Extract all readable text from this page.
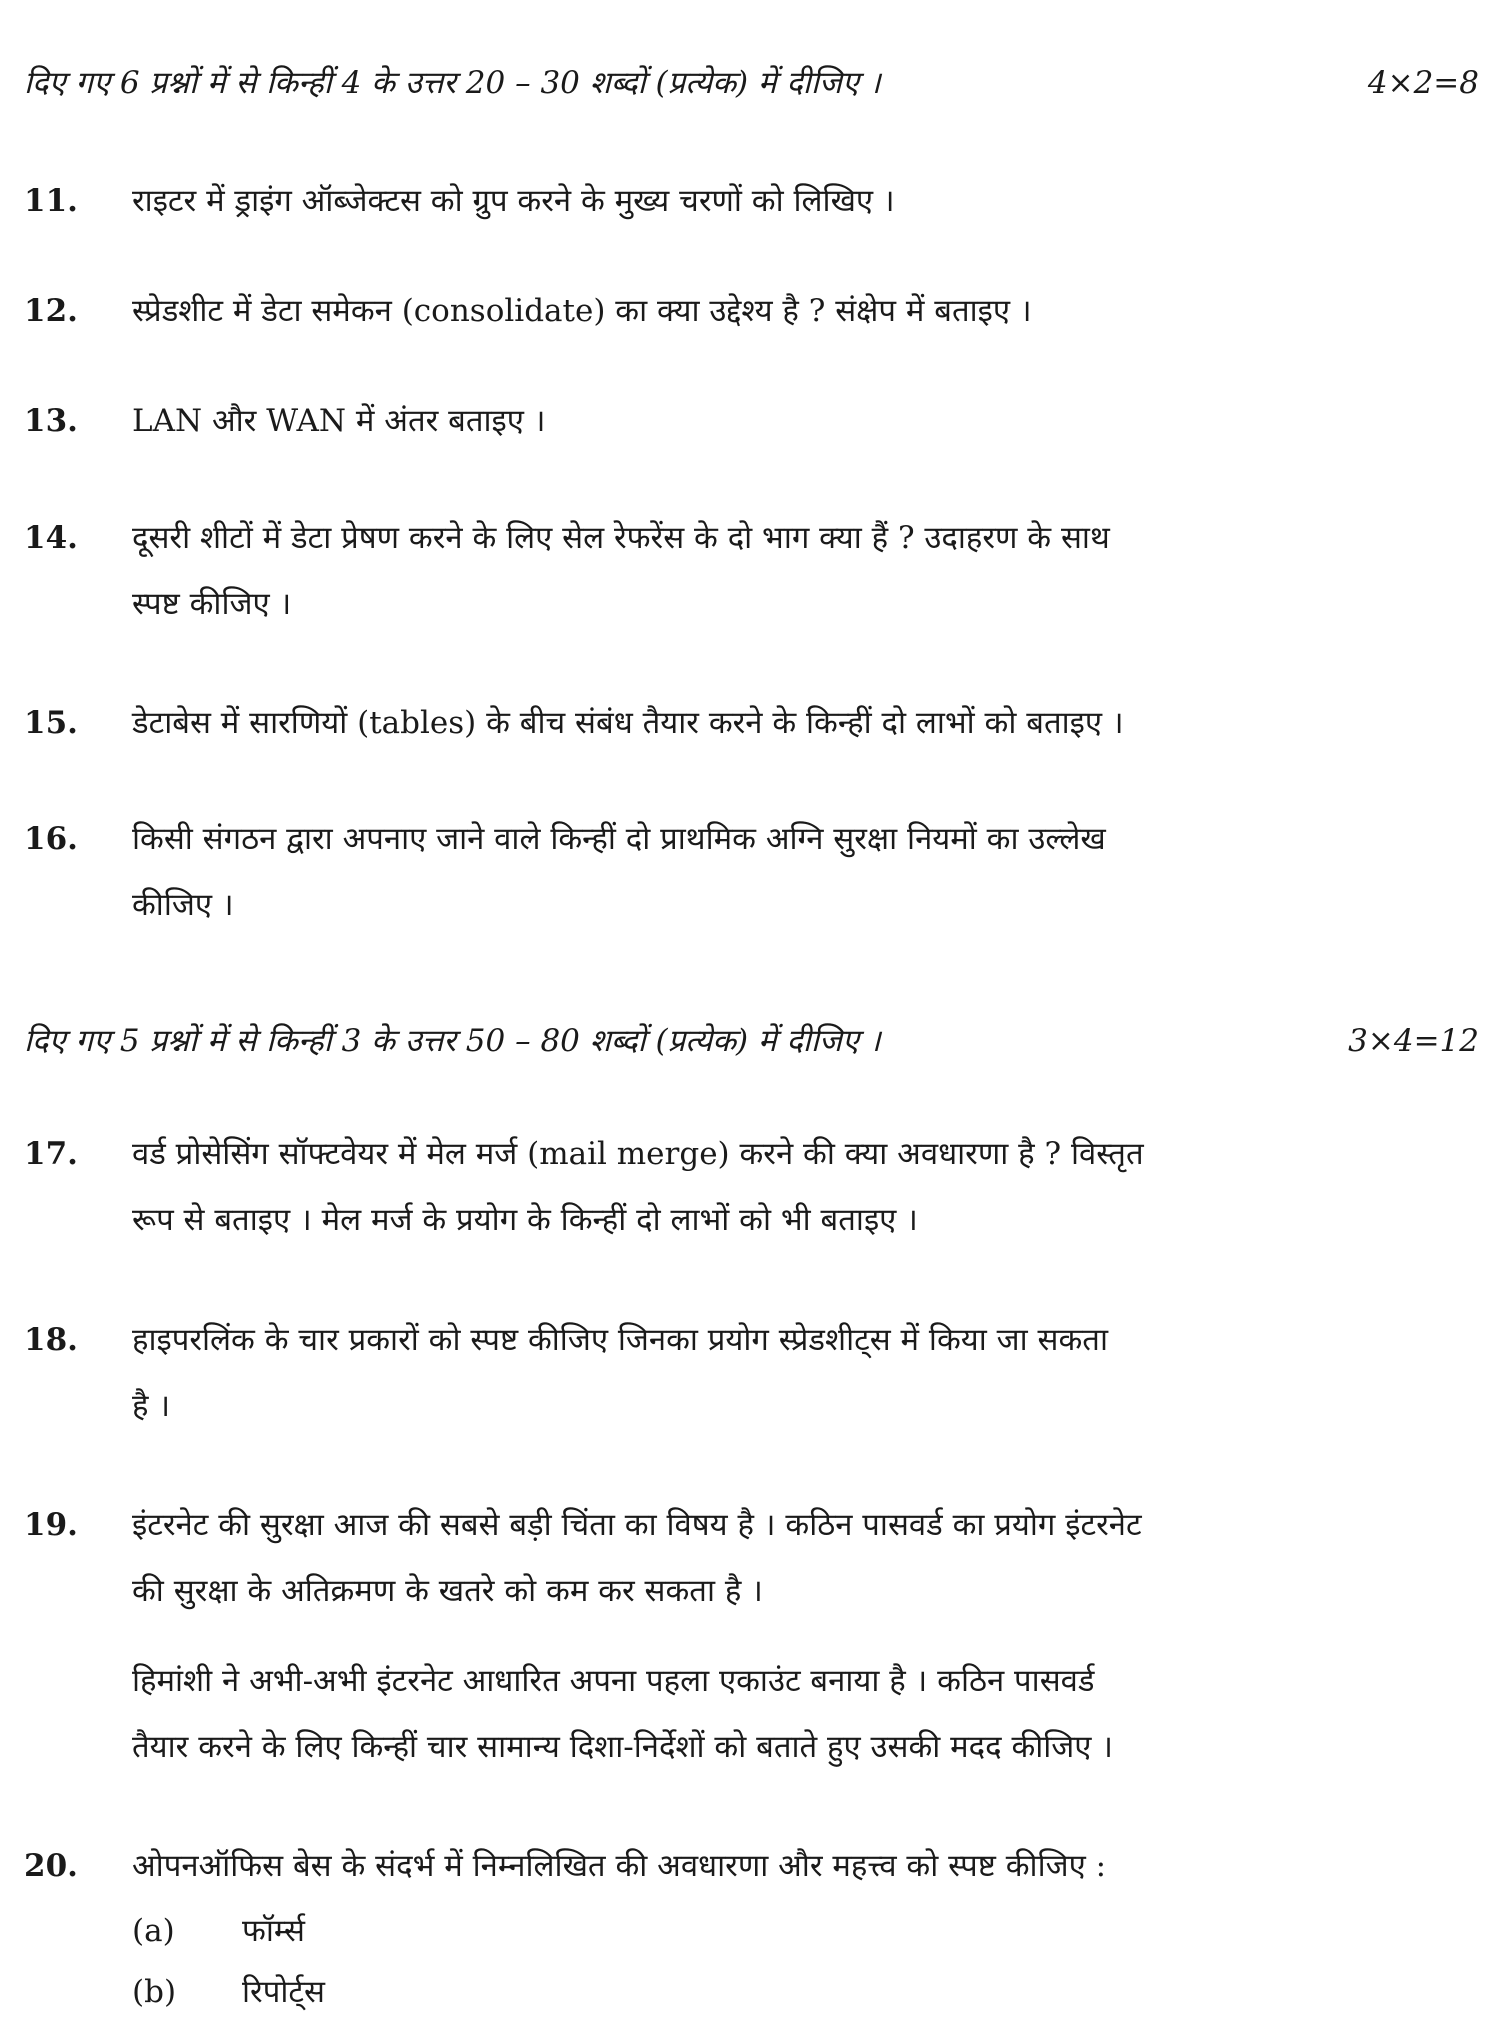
दिए गए 6 प्रश्नों में से किन्हीं 4 के उत्तर 20 – 30 शब्दों (प्रत्येक) में दीजिए ।	4×2=8
11. राइटर में ड्राइंग ऑब्जेक्टस को ग्रुप करने के मुख्य चरणों को लिखिए ।
12. स्प्रेडशीट में डेटा समेकन (consolidate) का क्या उद्देश्य है ? संक्षेप में बताइए ।
13. LAN और WAN में अंतर बताइए ।
14. दूसरी शीटों में डेटा प्रेषण करने के लिए सेल रेफरेंस के दो भाग क्या हैं ? उदाहरण के साथ
स्पष्ट कीजिए ।
15. डेटाबेस में सारणियों (tables) के बीच संबंध तैयार करने के किन्हीं दो लाभों को बताइए ।
16. किसी संगठन द्वारा अपनाए जाने वाले किन्हीं दो प्राथमिक अग्नि सुरक्षा नियमों का उल्लेख
कीजिए ।
दिए गए 5 प्रश्नों में से किन्हीं 3 के उत्तर 50 – 80 शब्दों (प्रत्येक) में दीजिए ।	3×4=12
17. वर्ड प्रोसेसिंग सॉफ्टवेयर में मेल मर्ज (mail merge) करने की क्या अवधारणा है ? विस्तृत
रूप से बताइए । मेल मर्ज के प्रयोग के किन्हीं दो लाभों को भी बताइए ।
18. हाइपरलिंक के चार प्रकारों को स्पष्ट कीजिए जिनका प्रयोग स्प्रेडशीट्स में किया जा सकता
है ।
19. इंटरनेट की सुरक्षा आज की सबसे बड़ी चिंता का विषय है । कठिन पासवर्ड का प्रयोग इंटरनेट
की सुरक्षा के अतिक्रमण के खतरे को कम कर सकता है ।
हिमांशी ने अभी-अभी इंटरनेट आधारित अपना पहला एकाउंट बनाया है । कठिन पासवर्ड
तैयार करने के लिए किन्हीं चार सामान्य दिशा-निर्देशों को बताते हुए उसकी मदद कीजिए ।
20. ओपनऑफिस बेस के संदर्भ में निम्नलिखित की अवधारणा और महत्त्व को स्पष्ट कीजिए :
(a) फॉर्म्स
(b) रिपोर्ट्स
